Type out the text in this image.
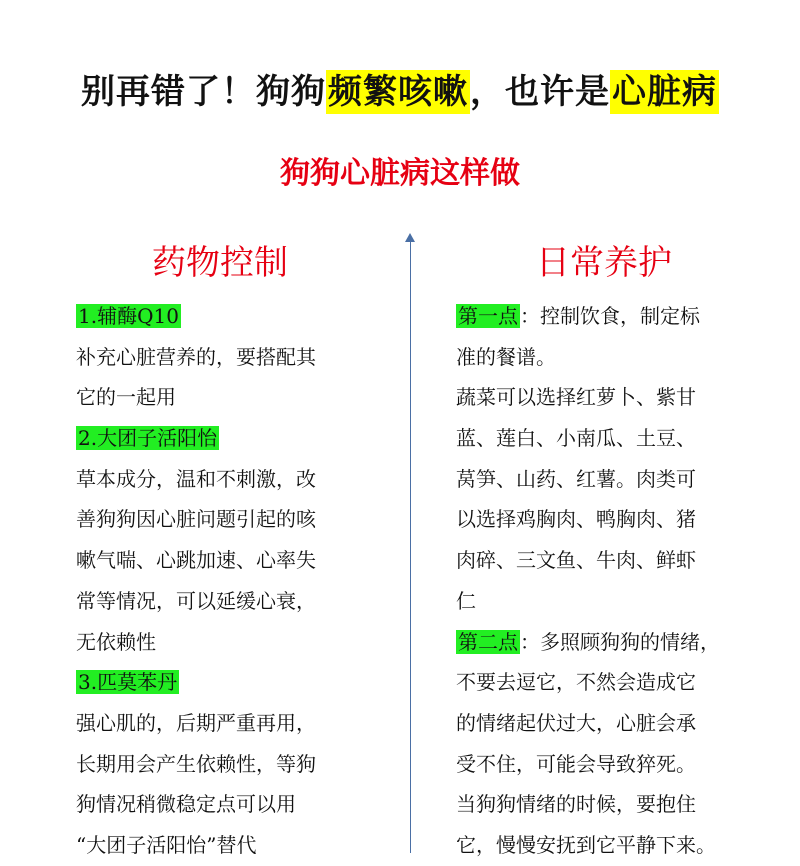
别再错了！狗狗频繁咳嗽，也许是心脏病
狗狗心脏病这样做
药物控制
1.辅酶Q10
补充心脏营养的，要搭配其
它的一起用
2.大团子活阳怡
草本成分，温和不刺激，改
善狗狗因心脏问题引起的咳
嗽气喘、心跳加速、心率失
常等情况，可以延缓心衰，
无依赖性
3.匹莫苯丹
强心肌的，后期严重再用，
长期用会产生依赖性，等狗
狗情况稍微稳定点可以用
“大团子活阳怡”替代
日常养护
第一点 ：控制饮食，制定标
准的餐谱。
蔬菜可以选择红萝卜、紫甘
蓝、莲白、小南瓜、土豆、
莴笋、山药、红薯。肉类可
以选择鸡胸肉、鸭胸肉、猪
肉碎、三文鱼、牛肉、鲜虾
仁
第二点 ：多照顾狗狗的情绪，
不要去逗它，不然会造成它
的情绪起伏过大，心脏会承
受不住，可能会导致猝死。
当狗狗情绪的时候，要抱住
它，慢慢安抚到它平静下来。
